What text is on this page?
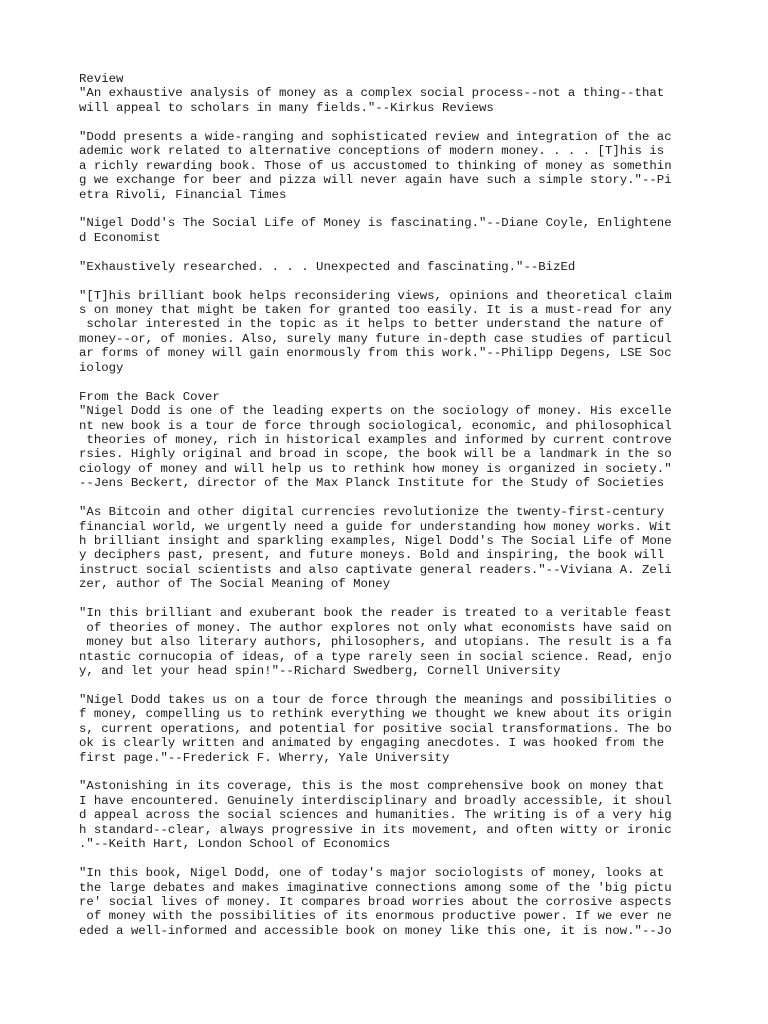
Review
"An exhaustive analysis of money as a complex social process--not a thing--that
will appeal to scholars in many fields."--Kirkus Reviews
"Dodd presents a wide-ranging and sophisticated review and integration of the ac
ademic work related to alternative conceptions of modern money. . . . [T]his is
a richly rewarding book. Those of us accustomed to thinking of money as somethin
g we exchange for beer and pizza will never again have such a simple story."--Pi
etra Rivoli, Financial Times
"Nigel Dodd's The Social Life of Money is fascinating."--Diane Coyle, Enlightene
d Economist
"Exhaustively researched. . . . Unexpected and fascinating."--BizEd
"[T]his brilliant book helps reconsidering views, opinions and theoretical claim
s on money that might be taken for granted too easily. It is a must-read for any
scholar interested in the topic as it helps to better understand the nature of
money--or, of monies. Also, surely many future in-depth case studies of particul
ar forms of money will gain enormously from this work."--Philipp Degens, LSE Soc
iology
From the Back Cover
"Nigel Dodd is one of the leading experts on the sociology of money. His excelle
nt new book is a tour de force through sociological, economic, and philosophical
theories of money, rich in historical examples and informed by current controve
rsies. Highly original and broad in scope, the book will be a landmark in the so
ciology of money and will help us to rethink how money is organized in society."
--Jens Beckert, director of the Max Planck Institute for the Study of Societies
"As Bitcoin and other digital currencies revolutionize the twenty-first-century
financial world, we urgently need a guide for understanding how money works. Wit
h brilliant insight and sparkling examples, Nigel Dodd's The Social Life of Mone
y deciphers past, present, and future moneys. Bold and inspiring, the book will
instruct social scientists and also captivate general readers."--Viviana A. Zeli
zer, author of The Social Meaning of Money
"In this brilliant and exuberant book the reader is treated to a veritable feast
of theories of money. The author explores not only what economists have said on
money but also literary authors, philosophers, and utopians. The result is a fa
ntastic cornucopia of ideas, of a type rarely seen in social science. Read, enjo
y, and let your head spin!"--Richard Swedberg, Cornell University
"Nigel Dodd takes us on a tour de force through the meanings and possibilities o
f money, compelling us to rethink everything we thought we knew about its origin
s, current operations, and potential for positive social transformations. The bo
ok is clearly written and animated by engaging anecdotes. I was hooked from the
first page."--Frederick F. Wherry, Yale University
"Astonishing in its coverage, this is the most comprehensive book on money that
I have encountered. Genuinely interdisciplinary and broadly accessible, it shoul
d appeal across the social sciences and humanities. The writing is of a very hig
h standard--clear, always progressive in its movement, and often witty or ironic
."--Keith Hart, London School of Economics
"In this book, Nigel Dodd, one of today's major sociologists of money, looks at
the large debates and makes imaginative connections among some of the 'big pictu
re' social lives of money. It compares broad worries about the corrosive aspects
of money with the possibilities of its enormous productive power. If we ever ne
eded a well-informed and accessible book on money like this one, it is now."--Jo
